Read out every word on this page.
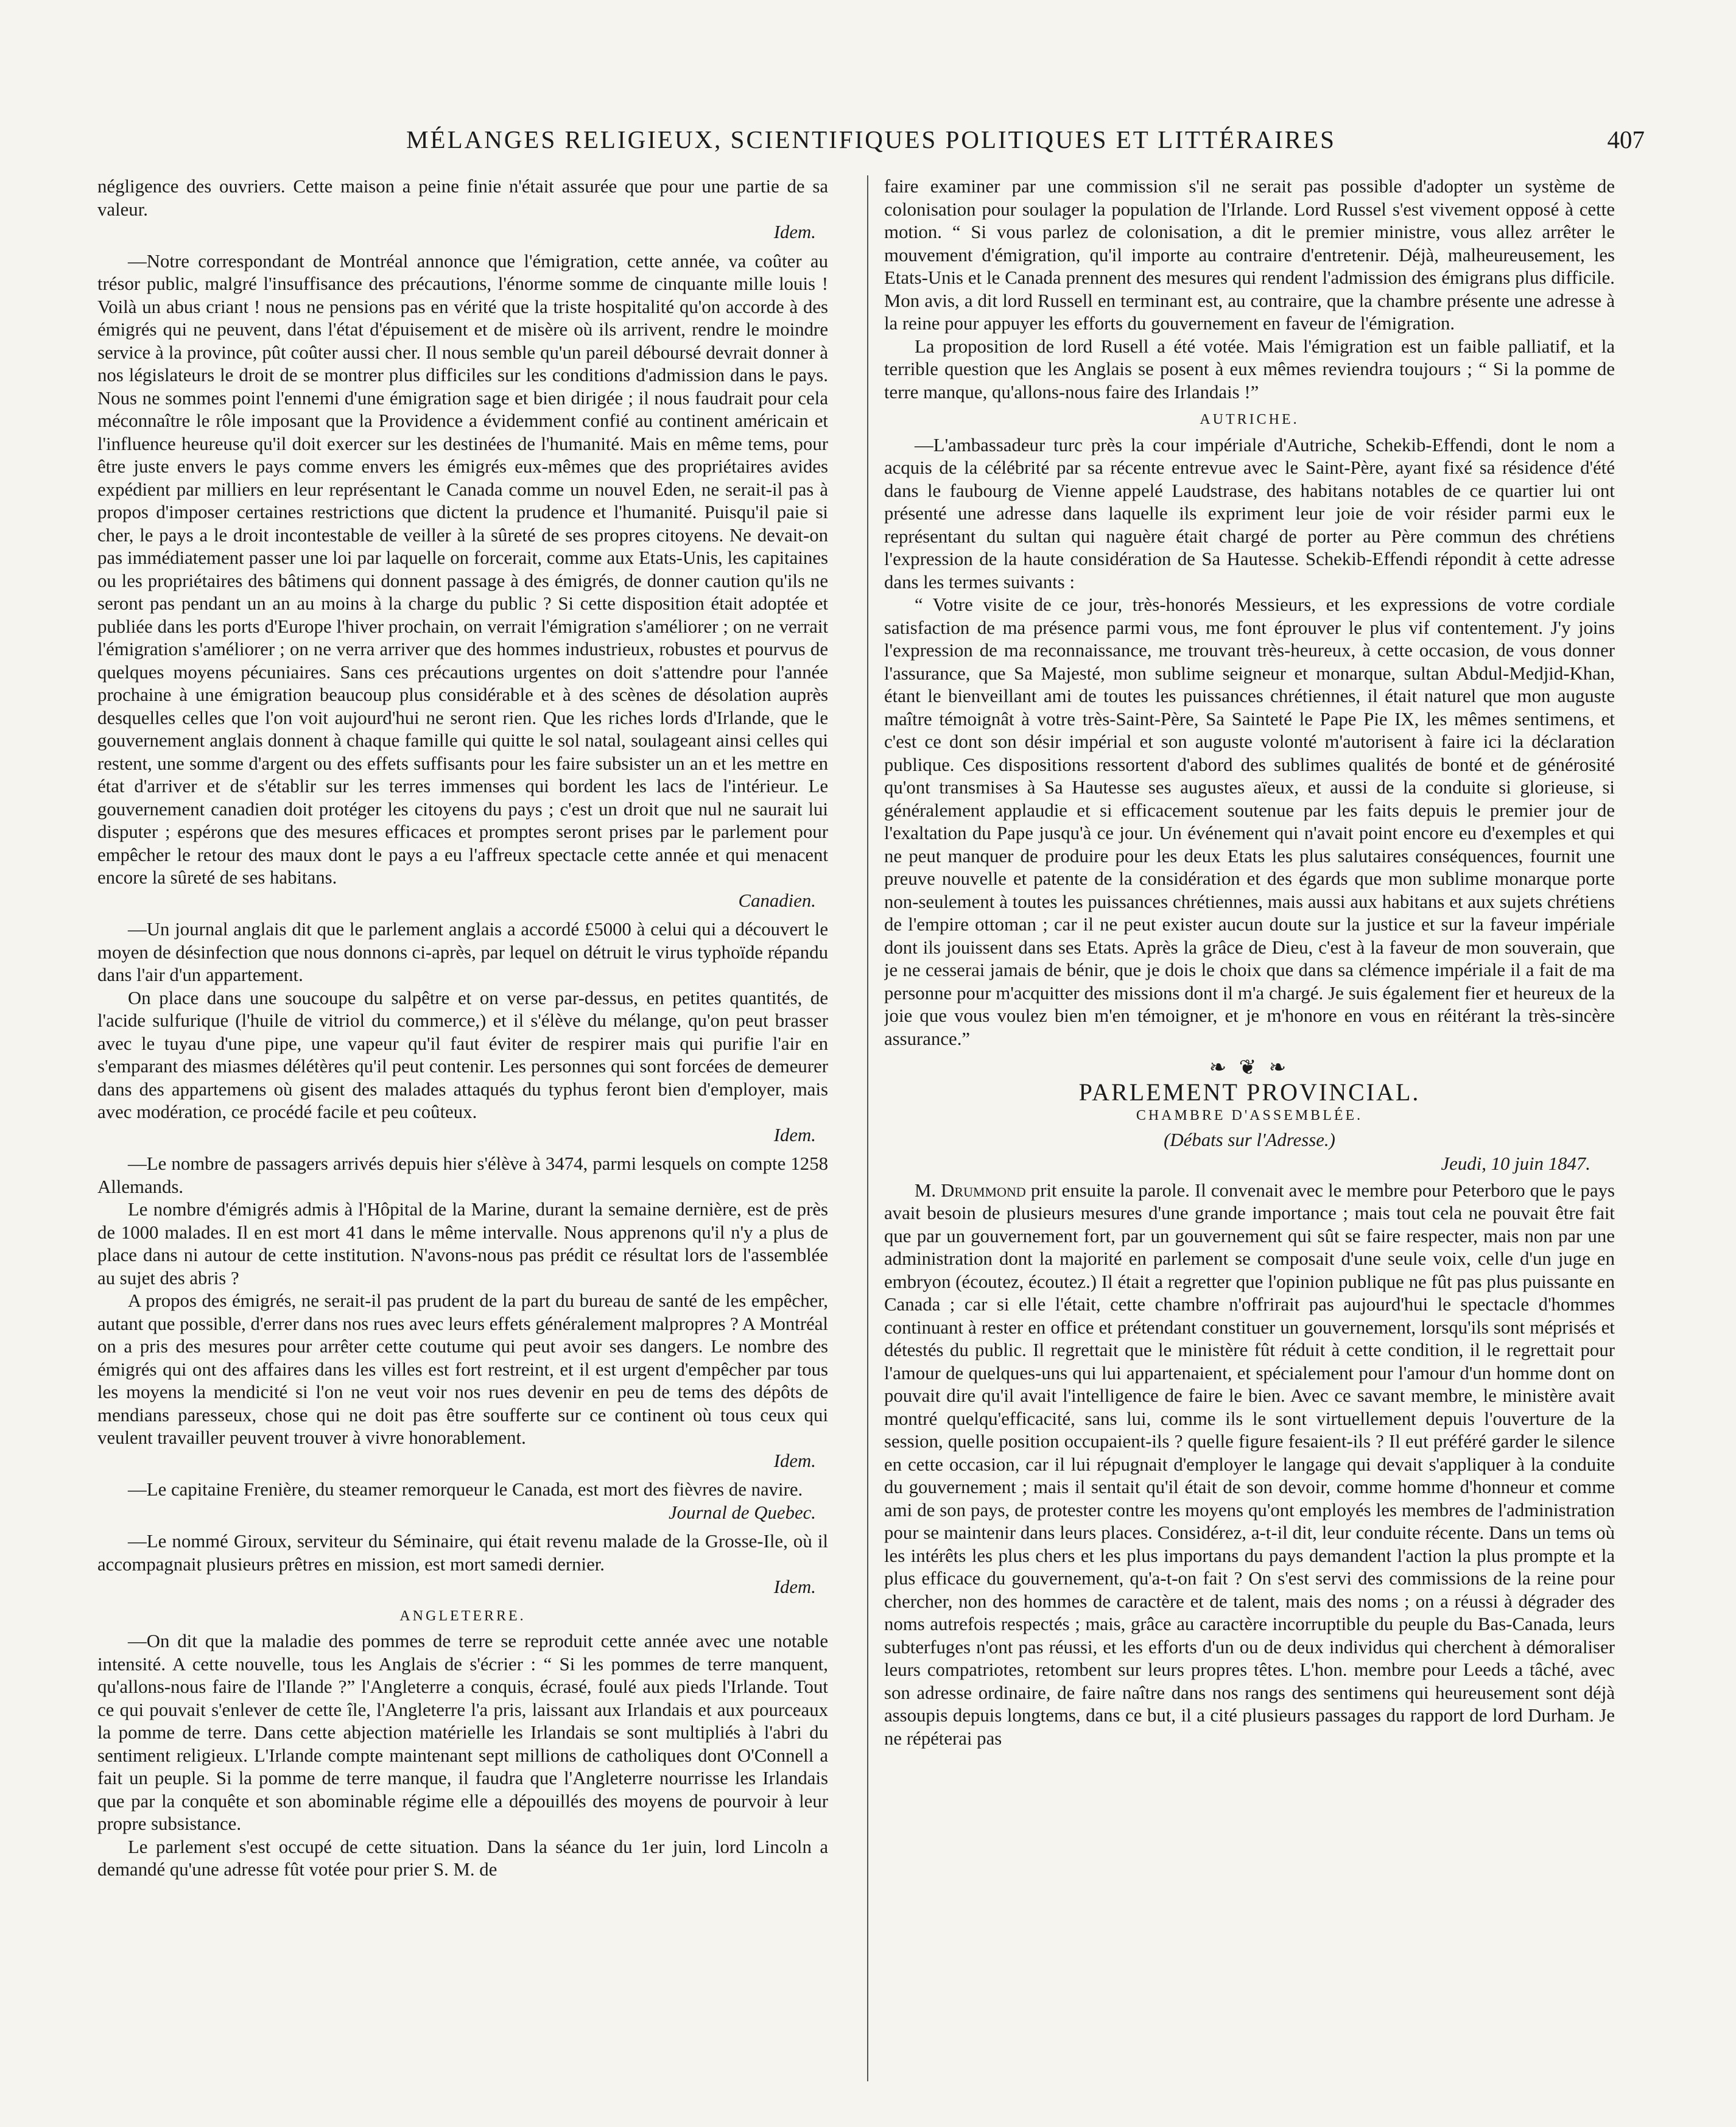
MÉLANGES RELIGIEUX, SCIENTIFIQUES POLITIQUES ET LITTÉRAIRES	407

négligence des ouvriers. Cette maison a peine finie n'était assurée que pour une partie de sa valeur.

Idem.

—Notre correspondant de Montréal annonce que l'émigration, cette année, va coûter au trésor public, malgré l'insuffisance des précautions, l'énorme somme de cinquante mille louis ! Voilà un abus criant ! nous ne pensions pas en vérité que la triste hospitalité qu'on accorde à des émigrés qui ne peuvent, dans l'état d'épuisement et de misère où ils arrivent, rendre le moindre service à la province, pût coûter aussi cher. Il nous semble qu'un pareil déboursé devrait donner à nos législateurs le droit de se montrer plus difficiles sur les conditions d'admission dans le pays. Nous ne sommes point l'ennemi d'une émigration sage et bien dirigée ; il nous faudrait pour cela méconnaître le rôle imposant que la Providence a évidemment confié au continent américain et l'influence heureuse qu'il doit exercer sur les destinées de l'humanité. Mais en même tems, pour être juste envers le pays comme envers les émigrés eux-mêmes que des propriétaires avides expédient par milliers en leur représentant le Canada comme un nouvel Eden, ne serait-il pas à propos d'imposer certaines restrictions que dictent la prudence et l'humanité. Puisqu'il paie si cher, le pays a le droit incontestable de veiller à la sûreté de ses propres citoyens. Ne devait-on pas immédiatement passer une loi par laquelle on forcerait, comme aux Etats-Unis, les capitaines ou les propriétaires des bâtimens qui donnent passage à des émigrés, de donner caution qu'ils ne seront pas pendant un an au moins à la charge du public ? Si cette disposition était adoptée et publiée dans les ports d'Europe l'hiver prochain, on verrait l'émigration s'améliorer ; on ne verrait l'émigration s'améliorer ; on ne verra arriver que des hommes industrieux, robustes et pourvus de quelques moyens pécuniaires. Sans ces précautions urgentes on doit s'attendre pour l'année prochaine à une émigration beaucoup plus considérable et à des scènes de désolation auprès desquelles celles que l'on voit aujourd'hui ne seront rien. Que les riches lords d'Irlande, que le gouvernement anglais donnent à chaque famille qui quitte le sol natal, soulageant ainsi celles qui restent, une somme d'argent ou des effets suffisants pour les faire subsister un an et les mettre en état d'arriver et de s'établir sur les terres immenses qui bordent les lacs de l'intérieur. Le gouvernement canadien doit protéger les citoyens du pays ; c'est un droit que nul ne saurait lui disputer ; espérons que des mesures efficaces et promptes seront prises par le parlement pour empêcher le retour des maux dont le pays a eu l'affreux spectacle cette année et qui menacent encore la sûreté de ses habitans.

Canadien.

—Un journal anglais dit que le parlement anglais a accordé £5000 à celui qui a découvert le moyen de désinfection que nous donnons ci-après, par lequel on détruit le virus typhoïde répandu dans l'air d'un appartement.

On place dans une soucoupe du salpêtre et on verse par-dessus, en petites quantités, de l'acide sulfurique (l'huile de vitriol du commerce,) et il s'élève du mélange, qu'on peut brasser avec le tuyau d'une pipe, une vapeur qu'il faut éviter de respirer mais qui purifie l'air en s'emparant des miasmes délétères qu'il peut contenir. Les personnes qui sont forcées de demeurer dans des appartemens où gisent des malades attaqués du typhus feront bien d'employer, mais avec modération, ce procédé facile et peu coûteux.

Idem.

—Le nombre de passagers arrivés depuis hier s'élève à 3474, parmi lesquels on compte 1258 Allemands.

Le nombre d'émigrés admis à l'Hôpital de la Marine, durant la semaine dernière, est de près de 1000 malades. Il en est mort 41 dans le même intervalle. Nous apprenons qu'il n'y a plus de place dans ni autour de cette institution. N'avons-nous pas prédit ce résultat lors de l'assemblée au sujet des abris ?

A propos des émigrés, ne serait-il pas prudent de la part du bureau de santé de les empêcher, autant que possible, d'errer dans nos rues avec leurs effets généralement malpropres ? A Montréal on a pris des mesures pour arrêter cette coutume qui peut avoir ses dangers. Le nombre des émigrés qui ont des affaires dans les villes est fort restreint, et il est urgent d'empêcher par tous les moyens la mendicité si l'on ne veut voir nos rues devenir en peu de tems des dépôts de mendians paresseux, chose qui ne doit pas être soufferte sur ce continent où tous ceux qui veulent travailler peuvent trouver à vivre honorablement.

Idem.

—Le capitaine Frenière, du steamer remorqueur le Canada, est mort des fièvres de navire.

Journal de Quebec.

—Le nommé Giroux, serviteur du Séminaire, qui était revenu malade de la Grosse-Ile, où il accompagnait plusieurs prêtres en mission, est mort samedi dernier.

Idem.
ANGLETERRE.

—On dit que la maladie des pommes de terre se reproduit cette année avec une notable intensité. A cette nouvelle, tous les Anglais de s'écrier : “ Si les pommes de terre manquent, qu'allons-nous faire de l'Ilande ?” l'Angleterre a conquis, écrasé, foulé aux pieds l'Irlande. Tout ce qui pouvait s'enlever de cette île, l'Angleterre l'a pris, laissant aux Irlandais et aux pourceaux la pomme de terre. Dans cette abjection matérielle les Irlandais se sont multipliés à l'abri du sentiment religieux. L'Irlande compte maintenant sept millions de catholiques dont O'Connell a fait un peuple. Si la pomme de terre manque, il faudra que l'Angleterre nourrisse les Irlandais que par la conquête et son abominable régime elle a dépouillés des moyens de pourvoir à leur propre subsistance.

Le parlement s'est occupé de cette situation. Dans la séance du 1er juin, lord Lincoln a demandé qu'une adresse fût votée pour prier S. M. de

faire examiner par une commission s'il ne serait pas possible d'adopter un système de colonisation pour soulager la population de l'Irlande. Lord Russel s'est vivement opposé à cette motion. “ Si vous parlez de colonisation, a dit le premier ministre, vous allez arrêter le mouvement d'émigration, qu'il importe au contraire d'entretenir. Déjà, malheureusement, les Etats-Unis et le Canada prennent des mesures qui rendent l'admission des émigrans plus difficile. Mon avis, a dit lord Russell en terminant est, au contraire, que la chambre présente une adresse à la reine pour appuyer les efforts du gouvernement en faveur de l'émigration.

La proposition de lord Rusell a été votée. Mais l'émigration est un faible palliatif, et la terrible question que les Anglais se posent à eux mêmes reviendra toujours ; “ Si la pomme de terre manque, qu'allons-nous faire des Irlandais !”

AUTRICHE.

—L'ambassadeur turc près la cour impériale d'Autriche, Schekib-Effendi, dont le nom a acquis de la célébrité par sa récente entrevue avec le Saint-Père, ayant fixé sa résidence d'été dans le faubourg de Vienne appelé Laudstrase, des habitans notables de ce quartier lui ont présenté une adresse dans laquelle ils expriment leur joie de voir résider parmi eux le représentant du sultan qui naguère était chargé de porter au Père commun des chrétiens l'expression de la haute considération de Sa Hautesse. Schekib-Effendi répondit à cette adresse dans les termes suivants :

“ Votre visite de ce jour, très-honorés Messieurs, et les expressions de votre cordiale satisfaction de ma présence parmi vous, me font éprouver le plus vif contentement. J'y joins l'expression de ma reconnaissance, me trouvant très-heureux, à cette occasion, de vous donner l'assurance, que Sa Majesté, mon sublime seigneur et monarque, sultan Abdul-Medjid-Khan, étant le bienveillant ami de toutes les puissances chrétiennes, il était naturel que mon auguste maître témoignât à votre très-Saint-Père, Sa Sainteté le Pape Pie IX, les mêmes sentimens, et c'est ce dont son désir impérial et son auguste volonté m'autorisent à faire ici la déclaration publique. Ces dispositions ressortent d'abord des sublimes qualités de bonté et de générosité qu'ont transmises à Sa Hautesse ses augustes aïeux, et aussi de la conduite si glorieuse, si généralement applaudie et si efficacement soutenue par les faits depuis le premier jour de l'exaltation du Pape jusqu'à ce jour. Un événement qui n'avait point encore eu d'exemples et qui ne peut manquer de produire pour les deux Etats les plus salutaires conséquences, fournit une preuve nouvelle et patente de la considération et des égards que mon sublime monarque porte non-seulement à toutes les puissances chrétiennes, mais aussi aux habitans et aux sujets chrétiens de l'empire ottoman ; car il ne peut exister aucun doute sur la justice et sur la faveur impériale dont ils jouissent dans ses Etats. Après la grâce de Dieu, c'est à la faveur de mon souverain, que je ne cesserai jamais de bénir, que je dois le choix que dans sa clémence impériale il a fait de ma personne pour m'acquitter des missions dont il m'a chargé. Je suis également fier et heureux de la joie que vous voulez bien m'en témoigner, et je m'honore en vous en réitérant la très-sincère assurance.”

❧ ❦ ❧
PARLEMENT PROVINCIAL.
CHAMBRE D'ASSEMBLÉE.
(Débats sur l'Adresse.)
Jeudi, 10 juin 1847.

M. Drummond prit ensuite la parole. Il convenait avec le membre pour Peterboro que le pays avait besoin de plusieurs mesures d'une grande importance ; mais tout cela ne pouvait être fait que par un gouvernement fort, par un gouvernement qui sût se faire respecter, mais non par une administration dont la majorité en parlement se composait d'une seule voix, celle d'un juge en embryon (écoutez, écoutez.) Il était a regretter que l'opinion publique ne fût pas plus puissante en Canada ; car si elle l'était, cette chambre n'offrirait pas aujourd'hui le spectacle d'hommes continuant à rester en office et prétendant constituer un gouvernement, lorsqu'ils sont méprisés et détestés du public. Il regrettait que le ministère fût réduit à cette condition, il le regrettait pour l'amour de quelques-uns qui lui appartenaient, et spécialement pour l'amour d'un homme dont on pouvait dire qu'il avait l'intelligence de faire le bien. Avec ce savant membre, le ministère avait montré quelqu'efficacité, sans lui, comme ils le sont virtuellement depuis l'ouverture de la session, quelle position occupaient-ils ? quelle figure fesaient-ils ? Il eut préféré garder le silence en cette occasion, car il lui répugnait d'employer le langage qui devait s'appliquer à la conduite du gouvernement ; mais il sentait qu'il était de son devoir, comme homme d'honneur et comme ami de son pays, de protester contre les moyens qu'ont employés les membres de l'administration pour se maintenir dans leurs places. Considérez, a-t-il dit, leur conduite récente. Dans un tems où les intérêts les plus chers et les plus importans du pays demandent l'action la plus prompte et la plus efficace du gouvernement, qu'a-t-on fait ? On s'est servi des commissions de la reine pour chercher, non des hommes de caractère et de talent, mais des noms ; on a réussi à dégrader des noms autrefois respectés ; mais, grâce au caractère incorruptible du peuple du Bas-Canada, leurs subterfuges n'ont pas réussi, et les efforts d'un ou de deux individus qui cherchent à démoraliser leurs compatriotes, retombent sur leurs propres têtes. L'hon. membre pour Leeds a tâché, avec son adresse ordinaire, de faire naître dans nos rangs des sentimens qui heureusement sont déjà assoupis depuis longtems, dans ce but, il a cité plusieurs passages du rapport de lord Durham. Je ne répéterai pas
